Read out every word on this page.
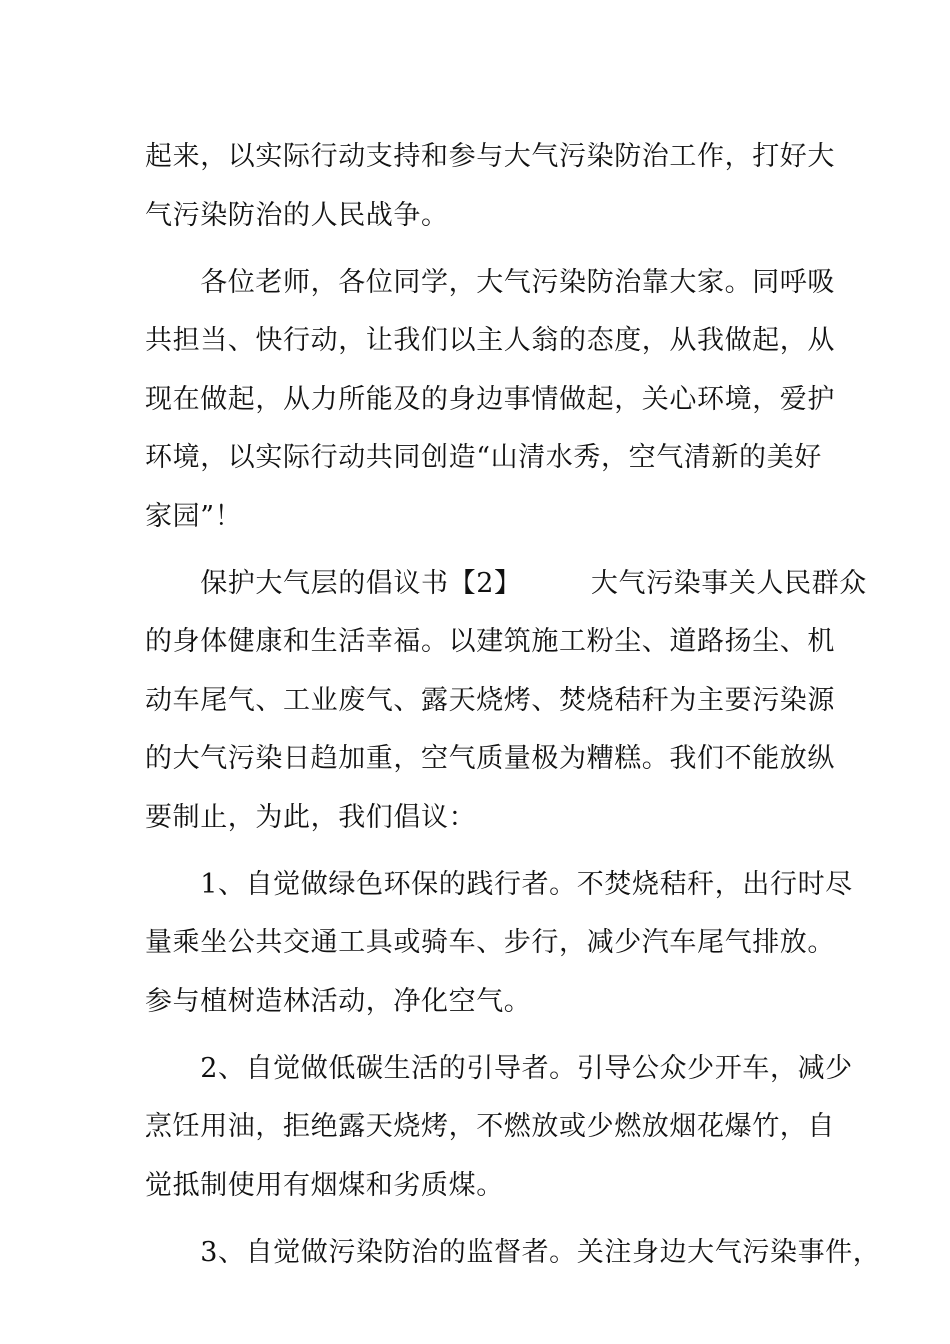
起来，以实际行动支持和参与大气污染防治工作，打好大
气污染防治的人民战争。
　　各位老师，各位同学，大气污染防治靠大家。同呼吸
共担当、快行动，让我们以主人翁的态度，从我做起，从
现在做起，从力所能及的身边事情做起，关心环境，爱护
环境，以实际行动共同创造“山清水秀，空气清新的美好
家园”！
　　保护大气层的倡议书【2】　　　大气污染事关人民群众
的身体健康和生活幸福。以建筑施工粉尘、道路扬尘、机
动车尾气、工业废气、露天烧烤、焚烧秸秆为主要污染源
的大气污染日趋加重，空气质量极为糟糕。我们不能放纵
要制止，为此，我们倡议：
　　1、自觉做绿色环保的践行者。不焚烧秸秆，出行时尽
量乘坐公共交通工具或骑车、步行，减少汽车尾气排放。
参与植树造林活动，净化空气。
　　2、自觉做低碳生活的引导者。引导公众少开车，减少
烹饪用油，拒绝露天烧烤，不燃放或少燃放烟花爆竹，自
觉抵制使用有烟煤和劣质煤。
　　3、自觉做污染防治的监督者。关注身边大气污染事件，
